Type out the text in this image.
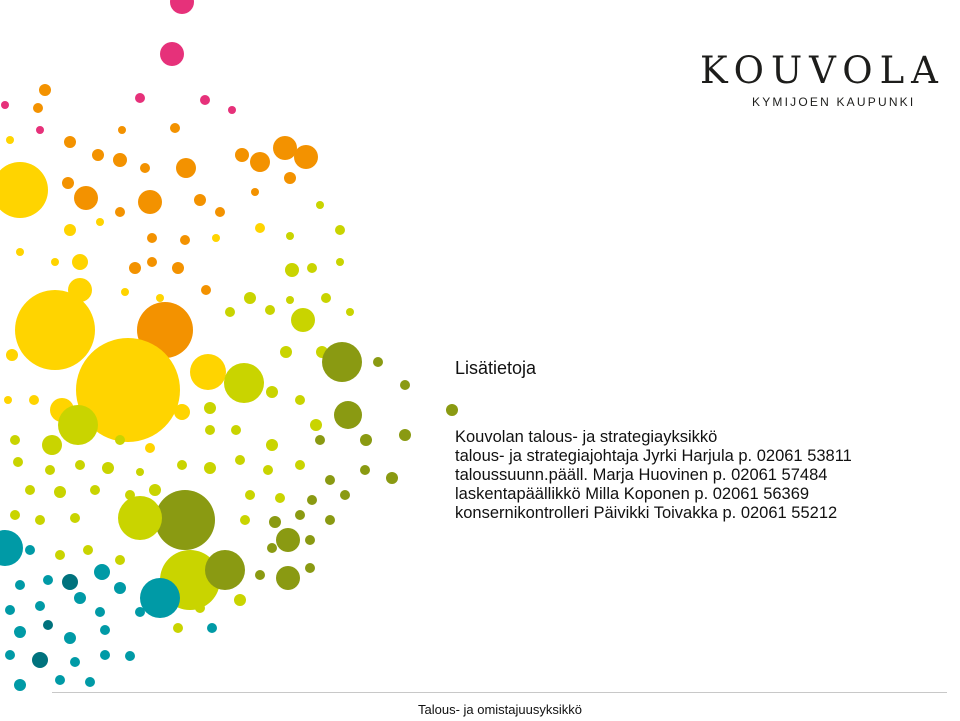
KOUVOLA
KYMIJOEN KAUPUNKI
Lisätietoja
Kouvolan talous- ja strategiayksikkö
talous- ja strategiajohtaja Jyrki Harjula p. 02061 53811
taloussuunn.pääll. Marja Huovinen p. 02061 57484
laskentapäällikkö Milla Koponen p. 02061 56369
konsernikontrolleri Päivikki Toivakka p. 02061 55212
Talous- ja omistajuusyksikkö
